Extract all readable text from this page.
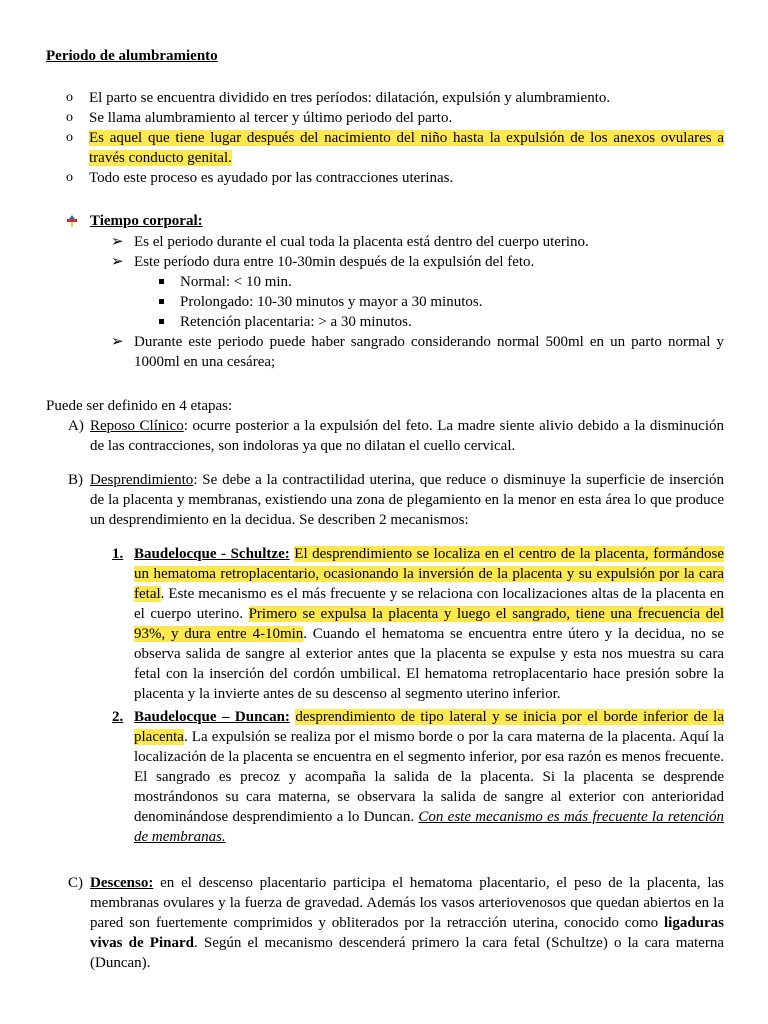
Periodo de alumbramiento
o El parto se encuentra dividido en tres períodos: dilatación, expulsión y alumbramiento.
o Se llama alumbramiento al tercer y último periodo del parto.
o Es aquel que tiene lugar después del nacimiento del niño hasta la expulsión de los anexos ovulares a través conducto genital.
o Todo este proceso es ayudado por las contracciones uterinas.
Tiempo corporal:
➢ Es el periodo durante el cual toda la placenta está dentro del cuerpo uterino.
➢ Este período dura entre 10-30min después de la expulsión del feto.
Normal: < 10 min.
Prolongado: 10-30 minutos y mayor a 30 minutos.
Retención placentaria: > a 30 minutos.
➢ Durante este periodo puede haber sangrado considerando normal 500ml en un parto normal y 1000ml en una cesárea;
Puede ser definido en 4 etapas:
A) Reposo Clínico: ocurre posterior a la expulsión del feto. La madre siente alivio debido a la disminución de las contracciones, son indoloras ya que no dilatan el cuello cervical.
B) Desprendimiento: Se debe a la contractilidad uterina, que reduce o disminuye la superficie de inserción de la placenta y membranas, existiendo una zona de plegamiento en la menor en esta área lo que produce un desprendimiento en la decidua. Se describen 2 mecanismos:
1. Baudelocque - Schultze: El desprendimiento se localiza en el centro de la placenta, formándose un hematoma retroplacentario, ocasionando la inversión de la placenta y su expulsión por la cara fetal. Este mecanismo es el más frecuente y se relaciona con localizaciones altas de la placenta en el cuerpo uterino. Primero se expulsa la placenta y luego el sangrado, tiene una frecuencia del 93%, y dura entre 4-10min. Cuando el hematoma se encuentra entre útero y la decidua, no se observa salida de sangre al exterior antes que la placenta se expulse y esta nos muestra su cara fetal con la inserción del cordón umbilical. El hematoma retroplacentario hace presión sobre la placenta y la invierte antes de su descenso al segmento uterino inferior.
2. Baudelocque – Duncan: desprendimiento de tipo lateral y se inicia por el borde inferior de la placenta. La expulsión se realiza por el mismo borde o por la cara materna de la placenta. Aquí la localización de la placenta se encuentra en el segmento inferior, por esa razón es menos frecuente. El sangrado es precoz y acompaña la salida de la placenta. Si la placenta se desprende mostrándonos su cara materna, se observara la salida de sangre al exterior con anterioridad denominándose desprendimiento a lo Duncan. Con este mecanismo es más frecuente la retención de membranas.
C) Descenso: en el descenso placentario participa el hematoma placentario, el peso de la placenta, las membranas ovulares y la fuerza de gravedad. Además los vasos arteriovenosos que quedan abiertos en la pared son fuertemente comprimidos y obliterados por la retracción uterina, conocido como ligaduras vivas de Pinard. Según el mecanismo descenderá primero la cara fetal (Schultze) o la cara materna (Duncan).
